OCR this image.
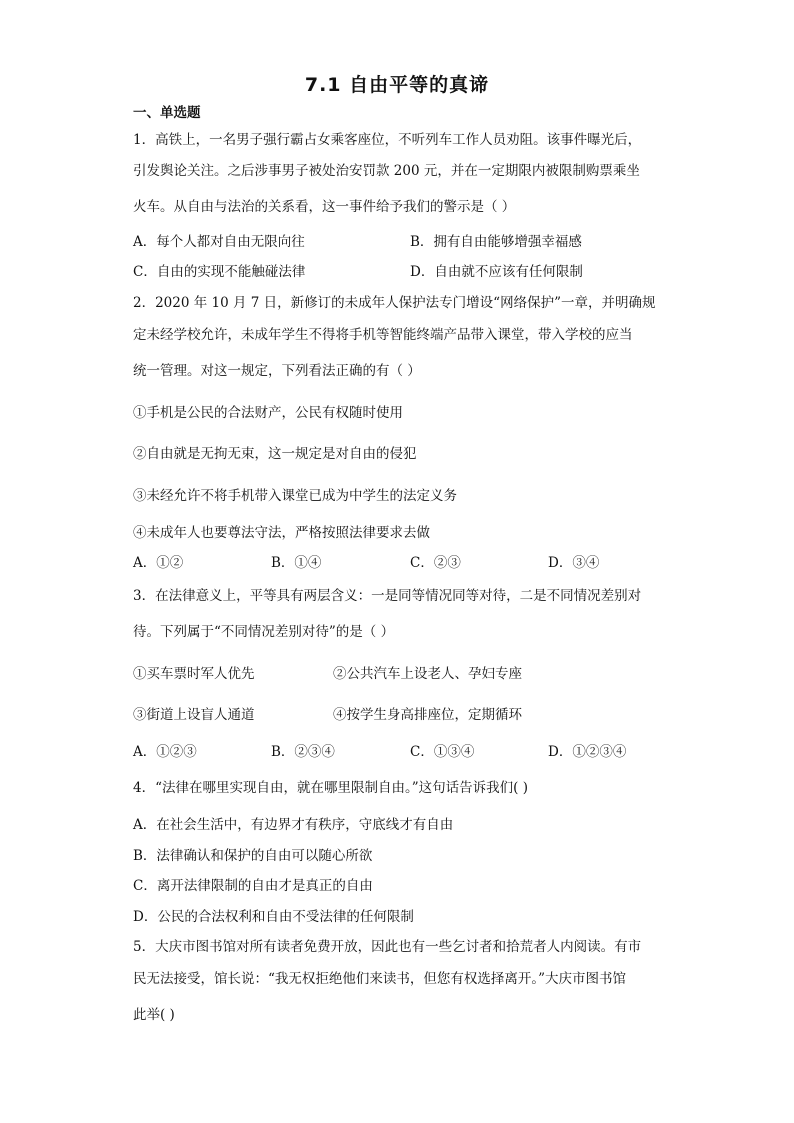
7.1 自由平等的真谛
一、单选题
1．高铁上，一名男子强行霸占女乘客座位，不听列车工作人员劝阻。该事件曝光后，
引发舆论关注。之后涉事男子被处治安罚款 200 元，并在一定期限内被限制购票乘坐
火车。从自由与法治的关系看，这一事件给予我们的警示是（ ）
A．每个人都对自由无限向往	B．拥有自由能够增强幸福感
C．自由的实现不能触碰法律	D．自由就不应该有任何限制
2．2020 年 10 月 7 日，新修订的未成年人保护法专门增设“网络保护”一章，并明确规
定未经学校允许，未成年学生不得将手机等智能终端产品带入课堂，带入学校的应当
统一管理。对这一规定，下列看法正确的有（ ）
①手机是公民的合法财产，公民有权随时使用
②自由就是无拘无束，这一规定是对自由的侵犯
③未经允许不将手机带入课堂已成为中学生的法定义务
④未成年人也要尊法守法，严格按照法律要求去做
A．①②	B．①④	C．②③	D．③④
3．在法律意义上，平等具有两层含义：一是同等情况同等对待，二是不同情况差别对
待。下列属于“不同情况差别对待”的是（ ）
①买车票时军人优先	②公共汽车上设老人、孕妇专座
③街道上设盲人通道	④按学生身高排座位，定期循环
A．①②③	B．②③④	C．①③④	D．①②③④
4．“法律在哪里实现自由，就在哪里限制自由。”这句话告诉我们( )
A．在社会生活中，有边界才有秩序，守底线才有自由
B．法律确认和保护的自由可以随心所欲
C．离开法律限制的自由才是真正的自由
D．公民的合法权利和自由不受法律的任何限制
5．大庆市图书馆对所有读者免费开放，因此也有一些乞讨者和拾荒者人内阅读。有市
民无法接受，馆长说：“我无权拒绝他们来读书，但您有权选择离开。”大庆市图书馆
此举( )
